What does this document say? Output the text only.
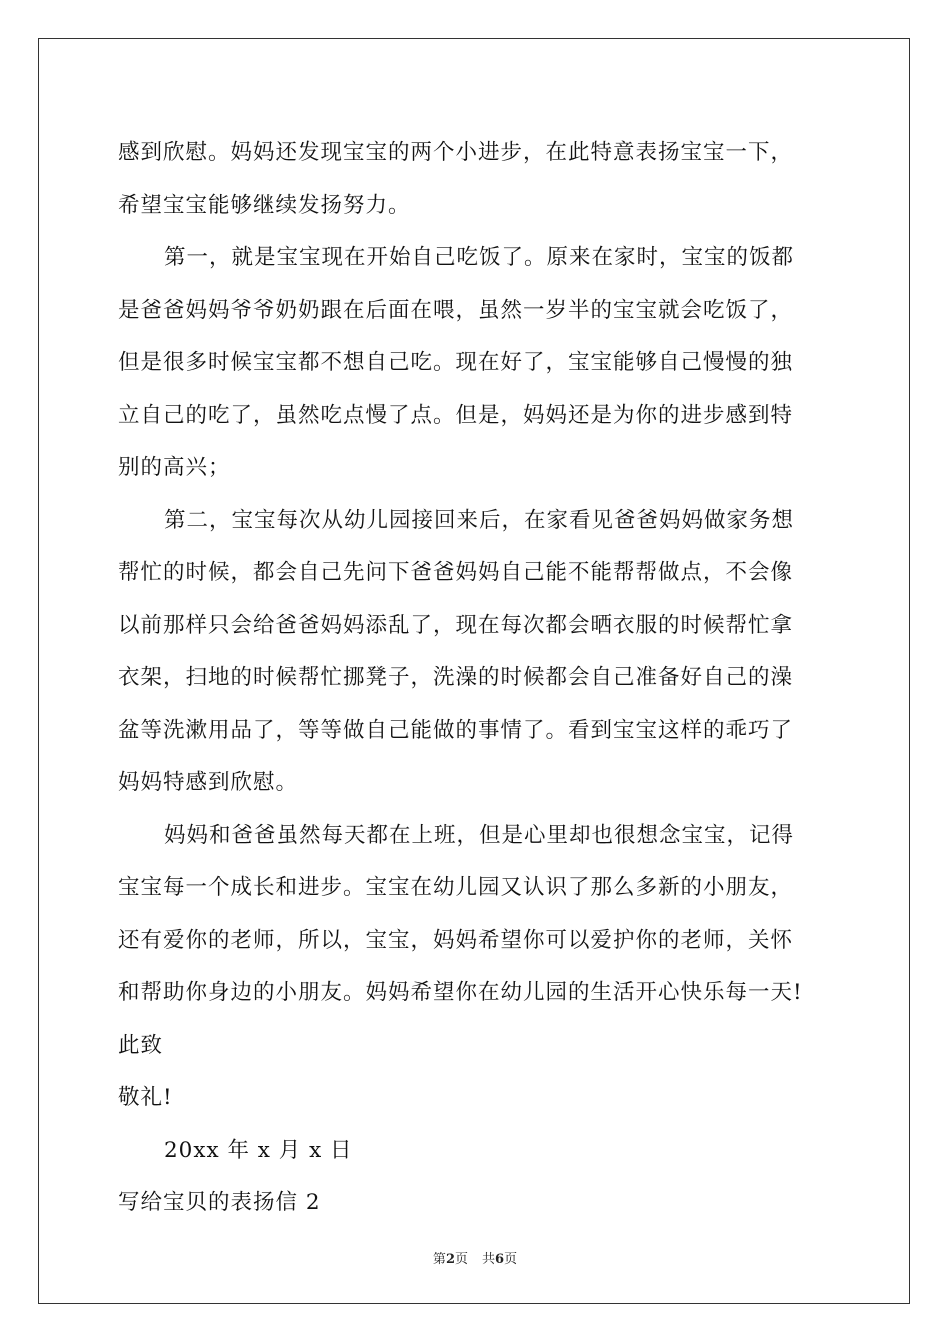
感到欣慰。妈妈还发现宝宝的两个小进步，在此特意表扬宝宝一下，
希望宝宝能够继续发扬努力。
第一，就是宝宝现在开始自己吃饭了。原来在家时，宝宝的饭都
是爸爸妈妈爷爷奶奶跟在后面在喂，虽然一岁半的宝宝就会吃饭了，
但是很多时候宝宝都不想自己吃。现在好了，宝宝能够自己慢慢的独
立自己的吃了，虽然吃点慢了点。但是，妈妈还是为你的进步感到特
别的高兴；
第二，宝宝每次从幼儿园接回来后，在家看见爸爸妈妈做家务想
帮忙的时候，都会自己先问下爸爸妈妈自己能不能帮帮做点，不会像
以前那样只会给爸爸妈妈添乱了，现在每次都会晒衣服的时候帮忙拿
衣架，扫地的时候帮忙挪凳子，洗澡的时候都会自己准备好自己的澡
盆等洗漱用品了，等等做自己能做的事情了。看到宝宝这样的乖巧了
妈妈特感到欣慰。
妈妈和爸爸虽然每天都在上班，但是心里却也很想念宝宝，记得
宝宝每一个成长和进步。宝宝在幼儿园又认识了那么多新的小朋友，
还有爱你的老师，所以，宝宝，妈妈希望你可以爱护你的老师，关怀
和帮助你身边的小朋友。妈妈希望你在幼儿园的生活开心快乐每一天!
此致
敬礼!
20xx 年 x 月 x 日
写给宝贝的表扬信 2
第2页 共6页
